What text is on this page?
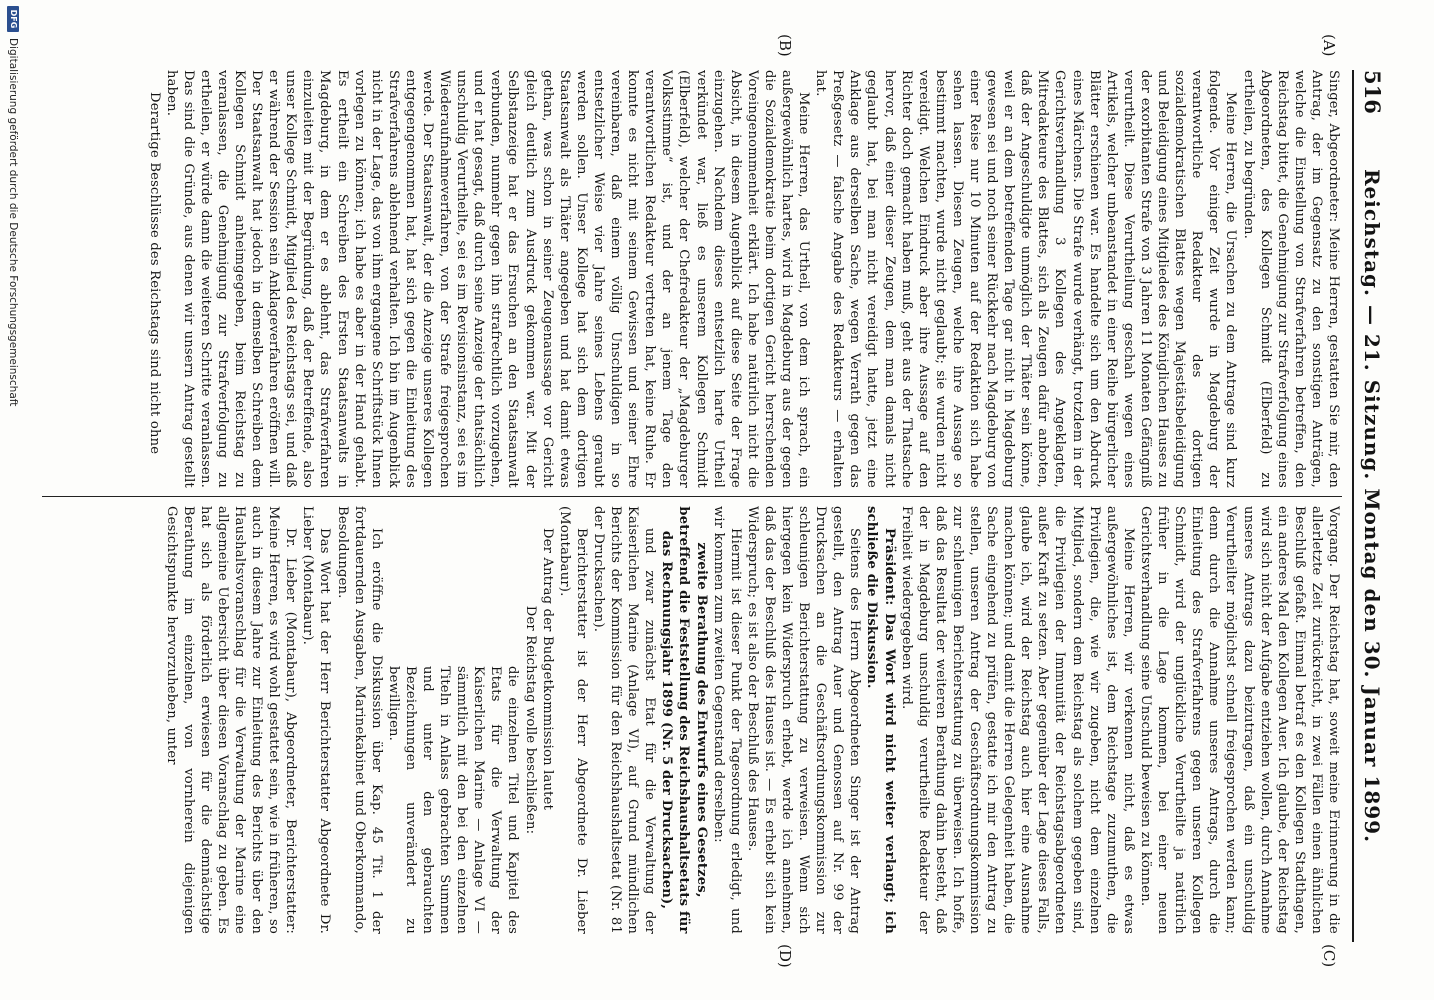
516
Reichstag. — 21. Sitzung. Montag den 30. Januar 1899.
(A)
(B)
(C)
(D)

Singer, Abgeordneter: Meine Herren, gestatten Sie mir, den Antrag, der im Gegensatz zu den sonstigen Anträgen, welche die Einstellung von Strafverfahren betreffen, den Reichstag bittet, die Genehmigung zur Strafverfolgung eines Abgeordneten, des Kollegen Schmidt (Elberfeld) zu ertheilen, zu begründen.

Meine Herren, die Ursachen zu dem Antrage sind kurz folgende. Vor einiger Zeit wurde in Magdeburg der verantwortliche Redakteur des dortigen sozialdemokratischen Blattes wegen Majestätsbeleidigung und Beleidigung eines Mitgliedes des Königlichen Hauses zu der exorbitanten Strafe von 3 Jahren 11 Monaten Gefängniß verurtheilt. Diese Verurtheilung geschah wegen eines Artikels, welcher unbeanstandet in einer Reihe bürgerlicher Blätter erschienen war. Es handelte sich um den Abdruck eines Märchens. Die Strafe wurde verhängt, trotzdem in der Gerichtsverhandlung 3 Kollegen des Angeklagten, Mitredakteure des Blattes, sich als Zeugen dafür anboten, daß der Angeschuldigte unmöglich der Thäter sein könne, weil er an dem betreffenden Tage gar nicht in Magdeburg gewesen sei und noch seiner Rückkehr nach Magdeburg von einer Reise nur 10 Minuten auf der Redaktion sich habe sehen lassen. Diesen Zeugen, welche ihre Aussage so bestimmt machten, wurde nicht geglaubt; sie wurden nicht vereidigt. Welchen Eindruck aber ihre Aussage auf den Richter doch gemacht haben muß, geht aus der Thatsache hervor, daß einer dieser Zeugen, dem man damals nicht geglaubt hat, bei man nicht vereidigt hatte, jetzt eine Anklage aus derselben Sache, wegen Verrath gegen das Preßgesetz — falsche Angabe des Redakteurs — erhalten hat.

Meine Herren, das Urtheil, von dem ich sprach, ein außergewöhnlich hartes, wird in Magdeburg aus der gegen die Sozialdemokratie beim dortigen Gericht herrschenden Voreingenommenheit erklärt. Ich habe natürlich nicht die Absicht, in diesem Augenblick auf diese Seite der Frage einzugehen. Nachdem dieses entsetzlich harte Urtheil verkündet war, ließ es unserem Kollegen Schmidt (Elberfeld), welcher der Chefredakteur der „Magdeburger Volksstimme“ ist, und der an jenem Tage den verantwortlichen Redakteur vertreten hat, keine Ruhe. Er konnte es nicht mit seinem Gewissen und seiner Ehre vereinbaren, daß einem völlig Unschuldigen in so entsetzlicher Weise vier Jahre seines Lebens geraubt werden sollen. Unser Kollege hat sich dem dortigen Staatsanwalt als Thäter angegeben und hat damit etwas gethan, was schon in seiner Zeugenaussage vor Gericht gleich deutlich zum Ausdruck gekommen war. Mit der Selbstanzeige hat er das Ersuchen an den Staatsanwalt verbunden, nunmehr gegen ihn strafrechtlich vorzugehen, und er hat gesagt, daß durch seine Anzeige der thatsächlich unschuldig Verurtheilte, sei es im Revisionsinstanz, sei es im Wiederaufnahmeverfahren, von der Strafe freigesprochen werde. Der Staatsanwalt, der die Anzeige unseres Kollegen entgegengenommen hat, hat sich gegen die Einleitung des Strafverfahrens ablehnend verhalten. Ich bin im Augenblick nicht in der Lage, das von ihm ergangene Schriftstück Ihnen vorlegen zu können; ich habe es aber in der Hand gehabt. Es ertheilt ein Schreiben des Ersten Staatsanwalts in Magdeburg, in dem er es ablehnt, das Strafverfahren einzuleiten mit der Begründung, daß der Betreffende, also unser Kollege Schmidt, Mitglied des Reichstags sei, und daß er während der Session sein Anklageverfahren eröffnen will. Der Staatsanwalt hat jedoch in demselben Schreiben dem Kollegen Schmidt anheimgegeben, beim Reichstag zu veranlassen, die Genehmigung zur Strafverfolgung zu ertheilen, er würde dann die weiteren Schritte veranlassen. Das sind die Gründe, aus denen wir unsern Antrag gestellt haben.

Derartige Beschlüsse des Reichstags sind nicht ohne

Vorgang. Der Reichstag hat, soweit meine Erinnerung in die allerletzte Zeit zurückreicht, in zwei Fällen einen ähnlichen Beschluß gefaßt. Einmal betraf es den Kollegen Stadthagen, ein anderes Mal den Kollegen Auer. Ich glaube, der Reichstag wird sich nicht der Aufgabe entziehen wollen, durch Annahme unseres Antrags dazu beizutragen, daß ein unschuldig Verurtheilter möglichst schnell freigesprochen werden kann; denn durch die Annahme unseres Antrags, durch die Einleitung des Strafverfahrens gegen unseren Kollegen Schmidt, wird der unglückliche Verurtheilte ja natürlich früher in die Lage kommen, bei einer neuen Gerichtsverhandlung seine Unschuld beweisen zu können.

Meine Herren, wir verkennen nicht, daß es etwas außergewöhnliches ist, dem Reichstage zuzumuthen, die Privilegien, die, wie wir zugeben, nicht dem einzelnen Mitglied, sondern dem Reichstag als solchem gegeben sind, die Privilegien der Immunität der Reichstagsabgeordneten außer Kraft zu setzen. Aber gegenüber der Lage dieses Falls, glaube ich, wird der Reichstag auch hier eine Ausnahme machen können; und damit die Herren Gelegenheit haben, die Sache eingehend zu prüfen, gestatte ich mir den Antrag zu stellen, unseren Antrag der Geschäftsordnungskommission zur schleunigen Berichterstattung zu überweisen. Ich hoffe, daß das Resultat der weiteren Berathung dahin besteht, daß der in Magdeburg unschuldig verurtheilte Redakteur der Freiheit wiedergegeben wird.

Präsident: Das Wort wird nicht weiter verlangt; ich schließe die Diskussion.

Seitens des Herrn Abgeordneten Singer ist der Antrag gestellt, den Antrag Auer und Genossen auf Nr. 99 der Drucksachen an die Geschäftsordnungskommission zur schleunigen Berichterstattung zu verweisen. Wenn sich hiergegen kein Widerspruch erhebt, werde ich annehmen, daß das der Beschluß des Hauses ist. — Es erhebt sich kein Widerspruch; es ist also der Beschluß des Hauses.

Hiermit ist dieser Punkt der Tagesordnung erledigt, und wir kommen zum zweiten Gegenstand derselben:

zweite Berathung des Entwurfs eines Gesetzes, betreffend die Feststellung des Reichshaushaltsetats für das Rechnungsjahr 1899 (Nr. 5 der Drucksachen),

und zwar zunächst Etat für die Verwaltung der Kaiserlichen Marine (Anlage VI), auf Grund mündlichen Berichts der Kommission für den Reichshaushaltsetat (Nr. 81 der Drucksachen).

Berichterstatter ist der Herr Abgeordnete Dr. Lieber (Montabaur).

Der Antrag der Budgetkommission lautet

Der Reichstag wolle beschließen:

die einzelnen Titel und Kapitel des Etats für die Verwaltung der Kaiserlichen Marine — Anlage VI — sämmtlich mit den bei den einzelnen Titeln in Anlass gebrachten Summen und unter den gebrauchten Bezeichnungen unverändert zu bewilligen.

Ich eröffne die Diskussion über Kap. 45 Tit. 1 der fortdauernden Ausgaben, Marinekabinet und Oberkommando, Besoldungen.

Das Wort hat der Herr Berichterstatter Abgeordnete Dr. Lieber (Montabaur).

Dr. Lieber (Montabaur), Abgeordneter, Berichterstatter: Meine Herren, es wird wohl gestattet sein, wie in früheren, so auch in diesem Jahre zur Einleitung des Berichts über den Haushaltsvoranschlag für die Verwaltung der Marine eine allgemeine Uebersicht über diesen Voranschlag zu geben. Es hat sich als förderlich erwiesen für die demnächstige Berathung im einzelnen, von vornherein diejenigen Gesichtspunkte hervorzuheben, unter

DFG
Digitalisierung gefördert durch die Deutsche Forschungsgemeinschaft
